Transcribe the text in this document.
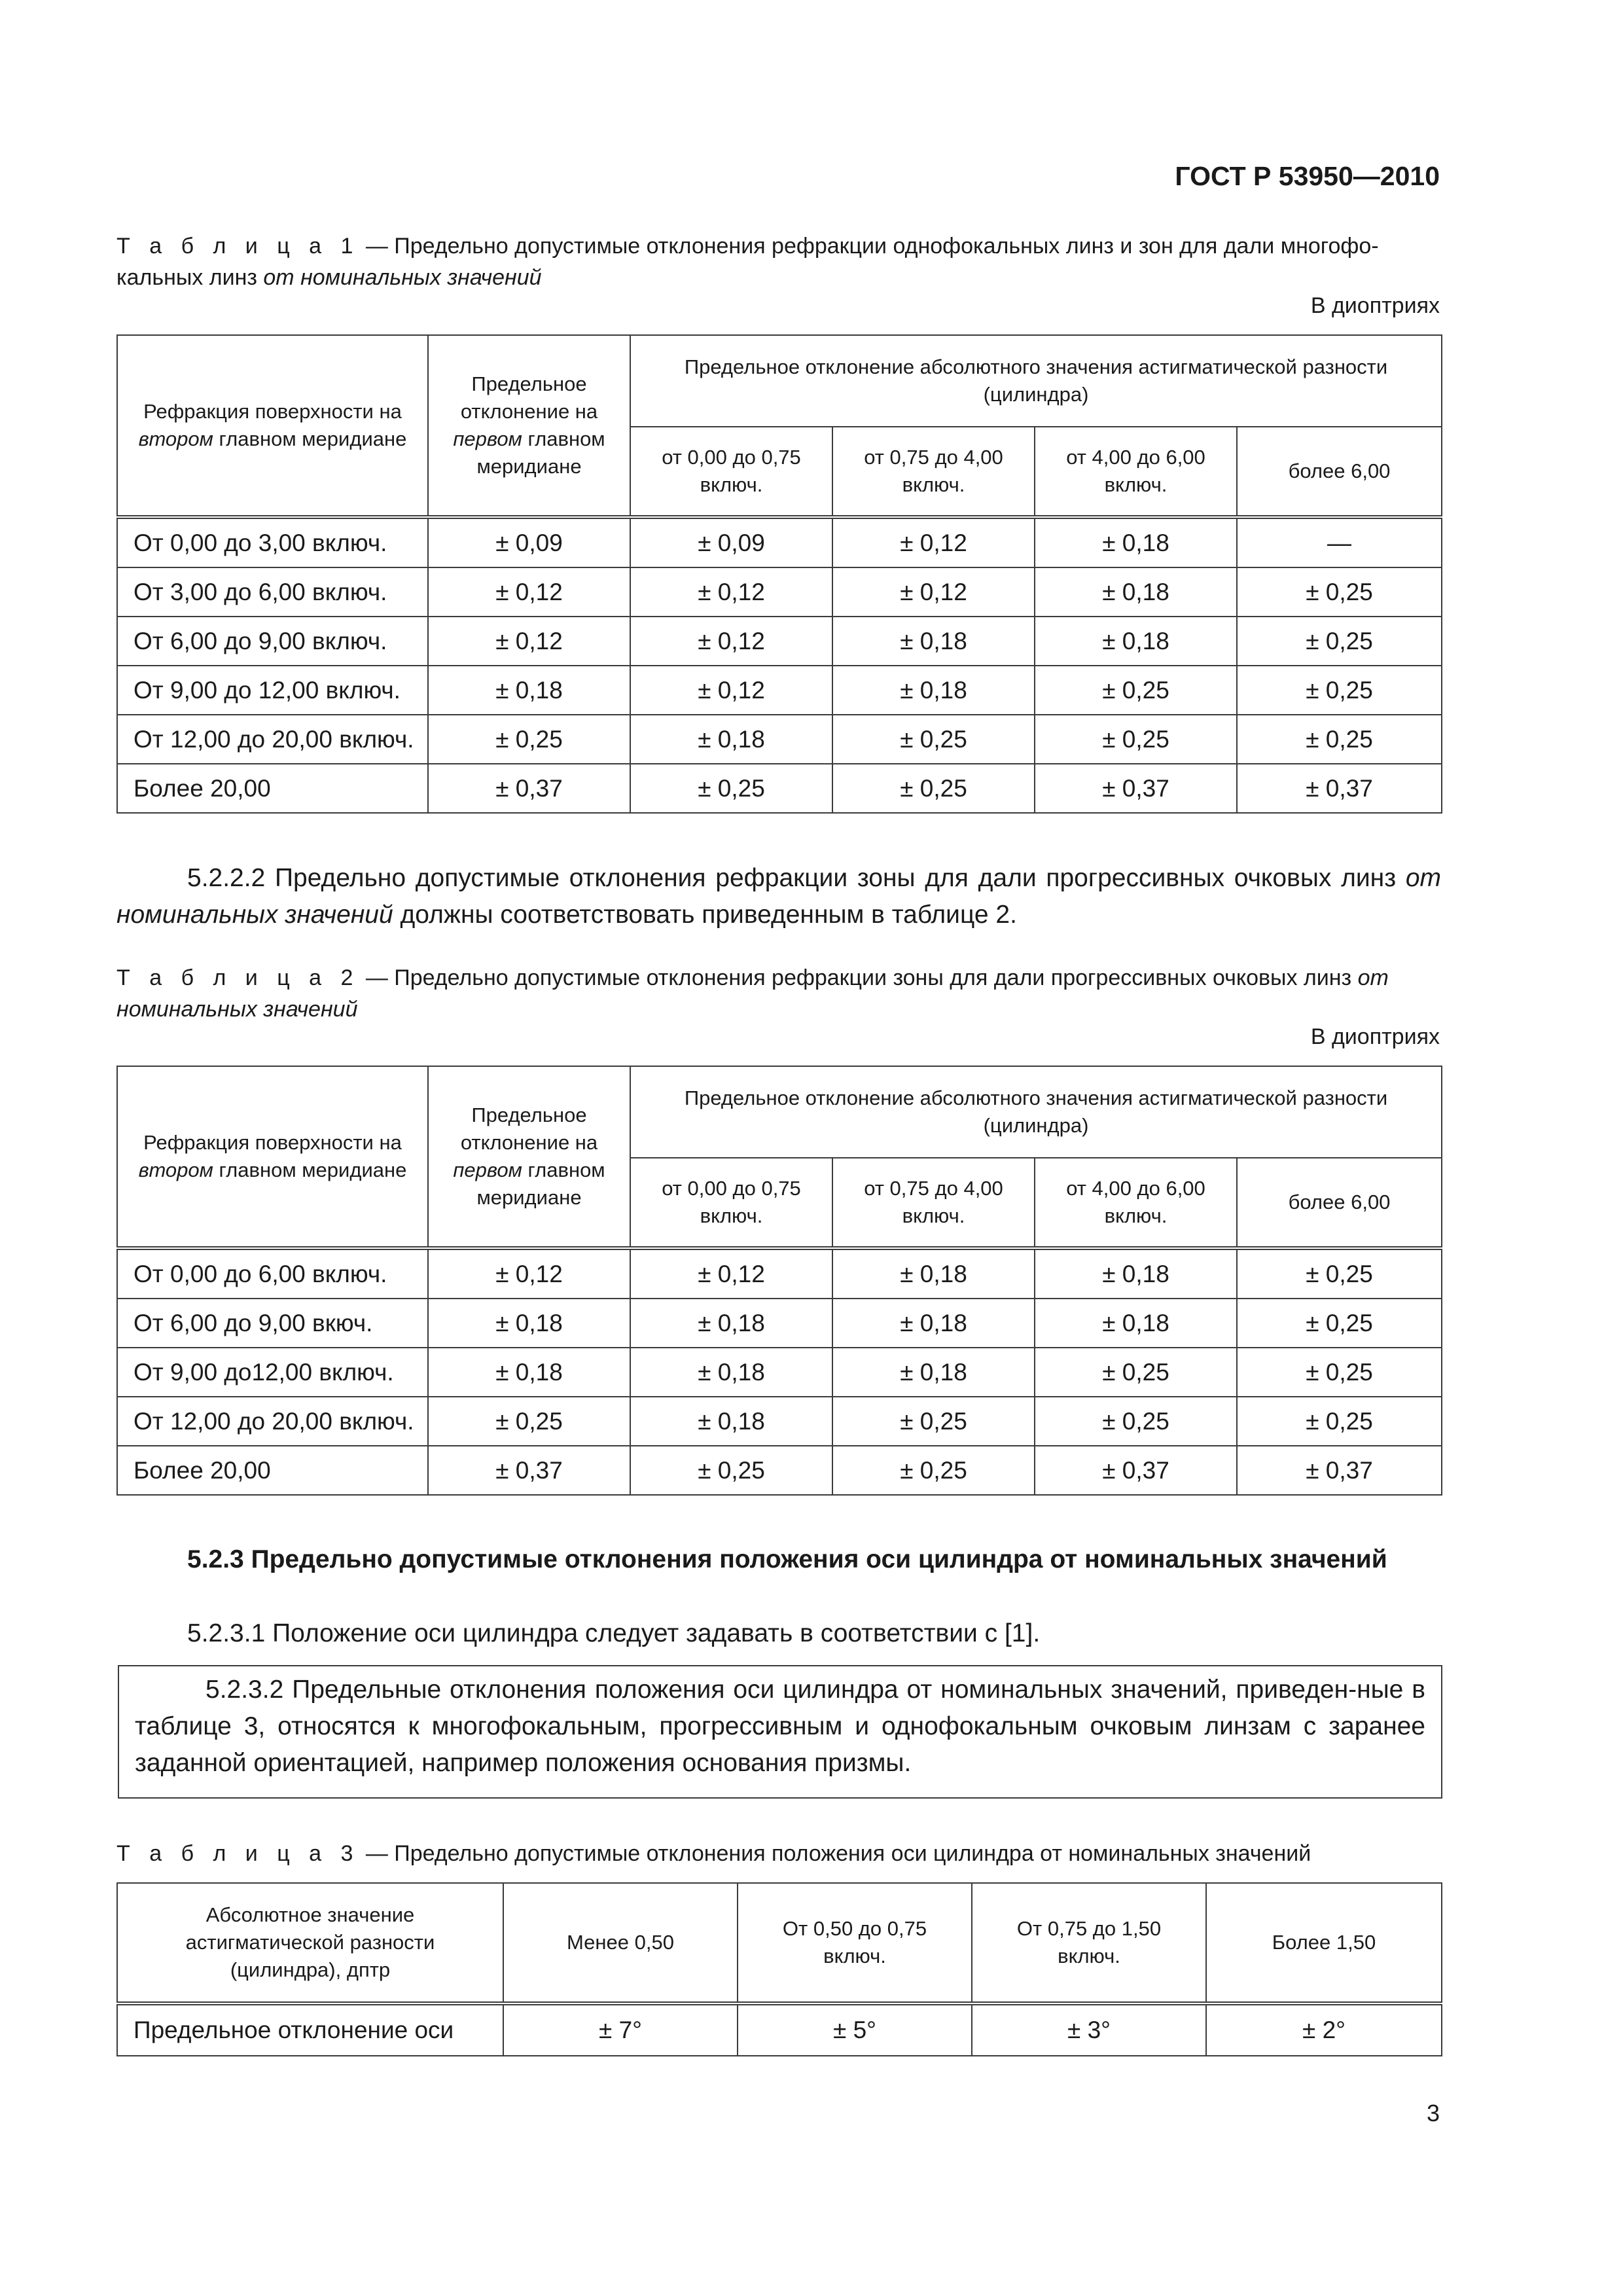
ГОСТ Р 53950—2010
Т а б л и ц а 1 — Предельно допустимые отклонения рефракции однофокальных линз и зон для дали многофо-кальных линз от номинальных значений
В диоптриях
Рефракция поверхности на втором главном меридиане	Предельное отклонение на первом главном меридиане	Предельное отклонение абсолютного значения астигматической разности (цилиндра)			
		от 0,00 до 0,75 включ.	от 0,75 до 4,00 включ.	от 4,00 до 6,00 включ.	более 6,00
От 0,00 до 3,00 включ.	± 0,09	± 0,09	± 0,12	± 0,18	—
От 3,00 до 6,00 включ.	± 0,12	± 0,12	± 0,12	± 0,18	± 0,25
От 6,00 до 9,00 включ.	± 0,12	± 0,12	± 0,18	± 0,18	± 0,25
От 9,00 до 12,00 включ.	± 0,18	± 0,12	± 0,18	± 0,25	± 0,25
От 12,00 до 20,00 включ.	± 0,25	± 0,18	± 0,25	± 0,25	± 0,25
Более 20,00	± 0,37	± 0,25	± 0,25	± 0,37	± 0,37
5.2.2.2 Предельно допустимые отклонения рефракции зоны для дали прогрессивных очковых линз от номинальных значений должны соответствовать приведенным в таблице 2.
Т а б л и ц а 2 — Предельно допустимые отклонения рефракции зоны для дали прогрессивных очковых линз от номинальных значений
В диоптриях
Рефракция поверхности на втором главном меридиане	Предельное отклонение на первом главном меридиане	Предельное отклонение абсолютного значения астигматической разности (цилиндра)			
		от 0,00 до 0,75 включ.	от 0,75 до 4,00 включ.	от 4,00 до 6,00 включ.	более 6,00
От 0,00 до 6,00 включ.	± 0,12	± 0,12	± 0,18	± 0,18	± 0,25
От 6,00 до 9,00 вкюч.	± 0,18	± 0,18	± 0,18	± 0,18	± 0,25
От 9,00 до12,00 включ.	± 0,18	± 0,18	± 0,18	± 0,25	± 0,25
От 12,00 до 20,00 включ.	± 0,25	± 0,18	± 0,25	± 0,25	± 0,25
Более 20,00	± 0,37	± 0,25	± 0,25	± 0,37	± 0,37
5.2.3 Предельно допустимые отклонения положения оси цилиндра от номинальных значений
5.2.3.1 Положение оси цилиндра следует задавать в соответствии с [1].
5.2.3.2 Предельные отклонения положения оси цилиндра от номинальных значений, приведен-ные в таблице 3, относятся к многофокальным, прогрессивным и однофокальным очковым линзам с заранее заданной ориентацией, например положения основания призмы.
Т а б л и ц а 3 — Предельно допустимые отклонения положения оси цилиндра от номинальных значений
Абсолютное значение астигматической разности (цилиндра), дптр	Менее 0,50	От 0,50 до 0,75 включ.	От 0,75 до 1,50 включ.	Более 1,50
Предельное отклонение оси	± 7°	± 5°	± 3°	± 2°
3
